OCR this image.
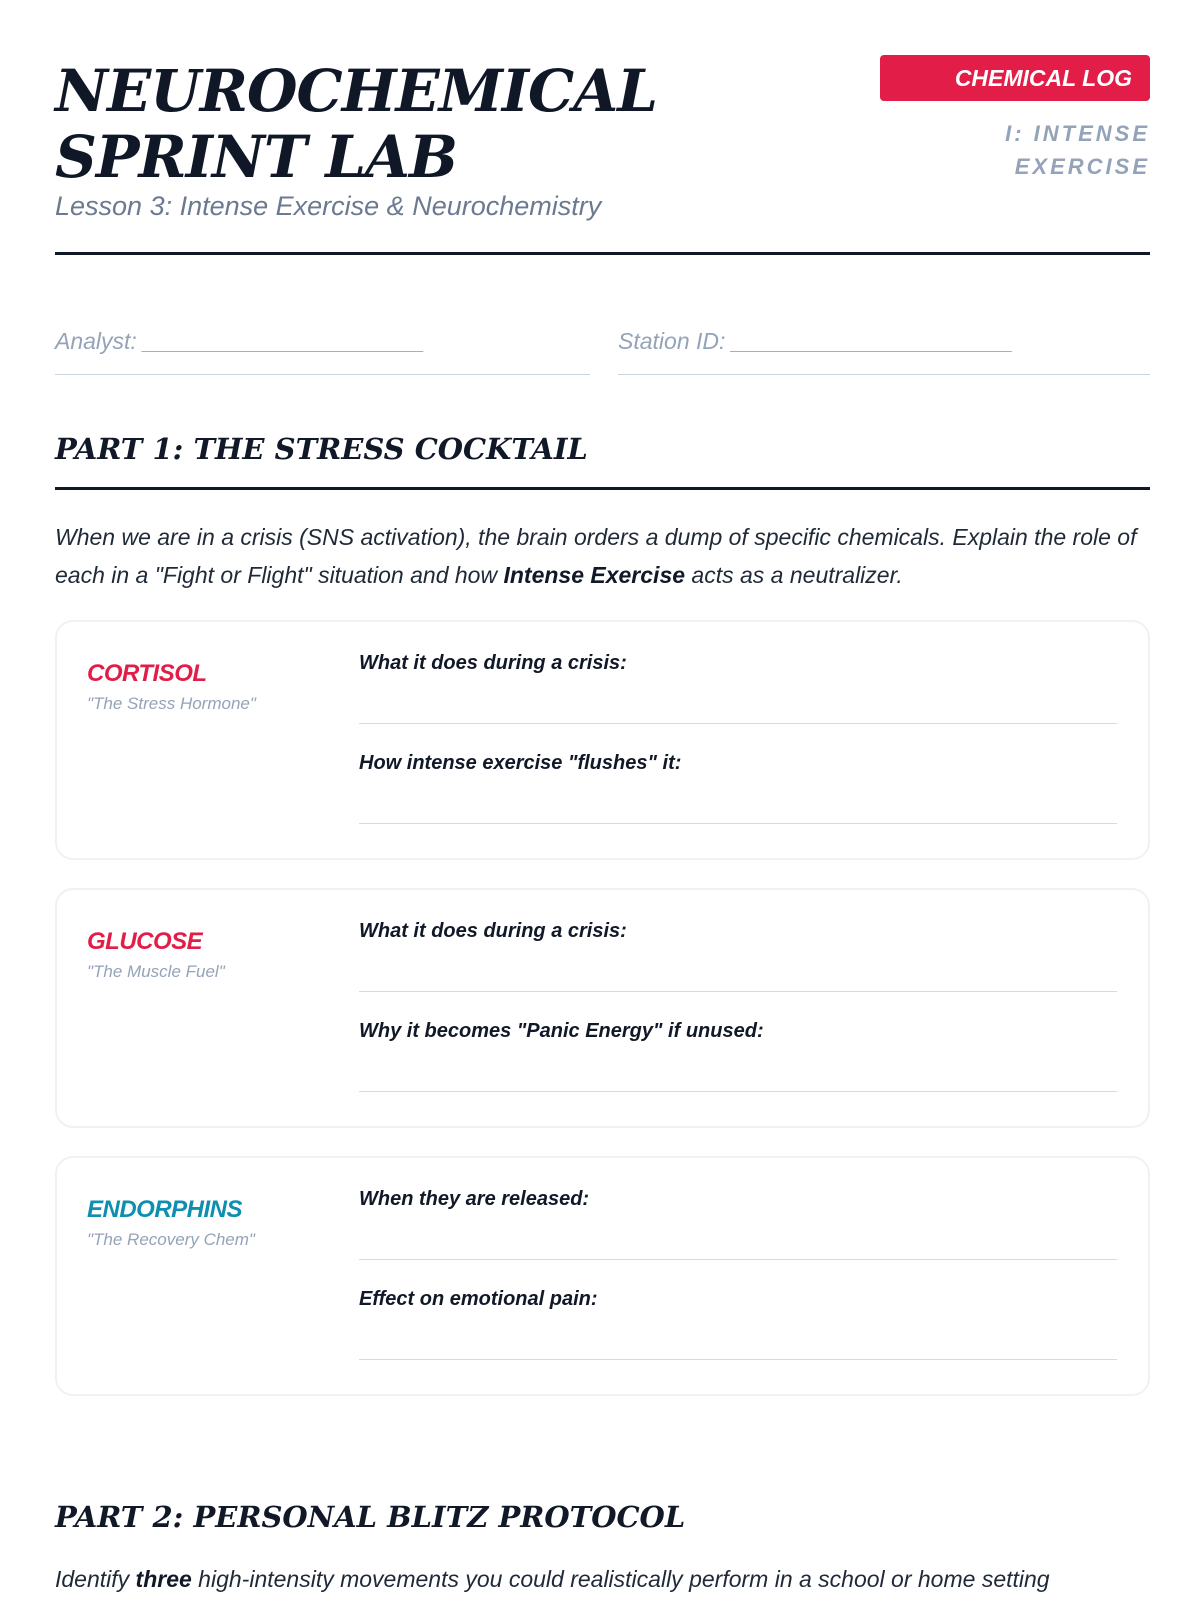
NEUROCHEMICAL SPRINT LAB
Lesson 3: Intense Exercise & Neurochemistry
CHEMICAL LOG
I: INTENSE EXERCISE
Analyst: ______________________	Station ID: ______________________
PART 1: THE STRESS COCKTAIL

When we are in a crisis (SNS activation), the brain orders a dump of specific chemicals. Explain the role of each in a "Fight or Flight" situation and how Intense Exercise acts as a neutralizer.

CORTISOL
"The Stress Hormone"
What it does during a crisis:
How intense exercise "flushes" it:
GLUCOSE
"The Muscle Fuel"
What it does during a crisis:
Why it becomes "Panic Energy" if unused:
ENDORPHINS
"The Recovery Chem"
When they are released:
Effect on emotional pain:
PART 2: PERSONAL BLITZ PROTOCOL

Identify three high-intensity movements you could realistically perform in a school or home setting
